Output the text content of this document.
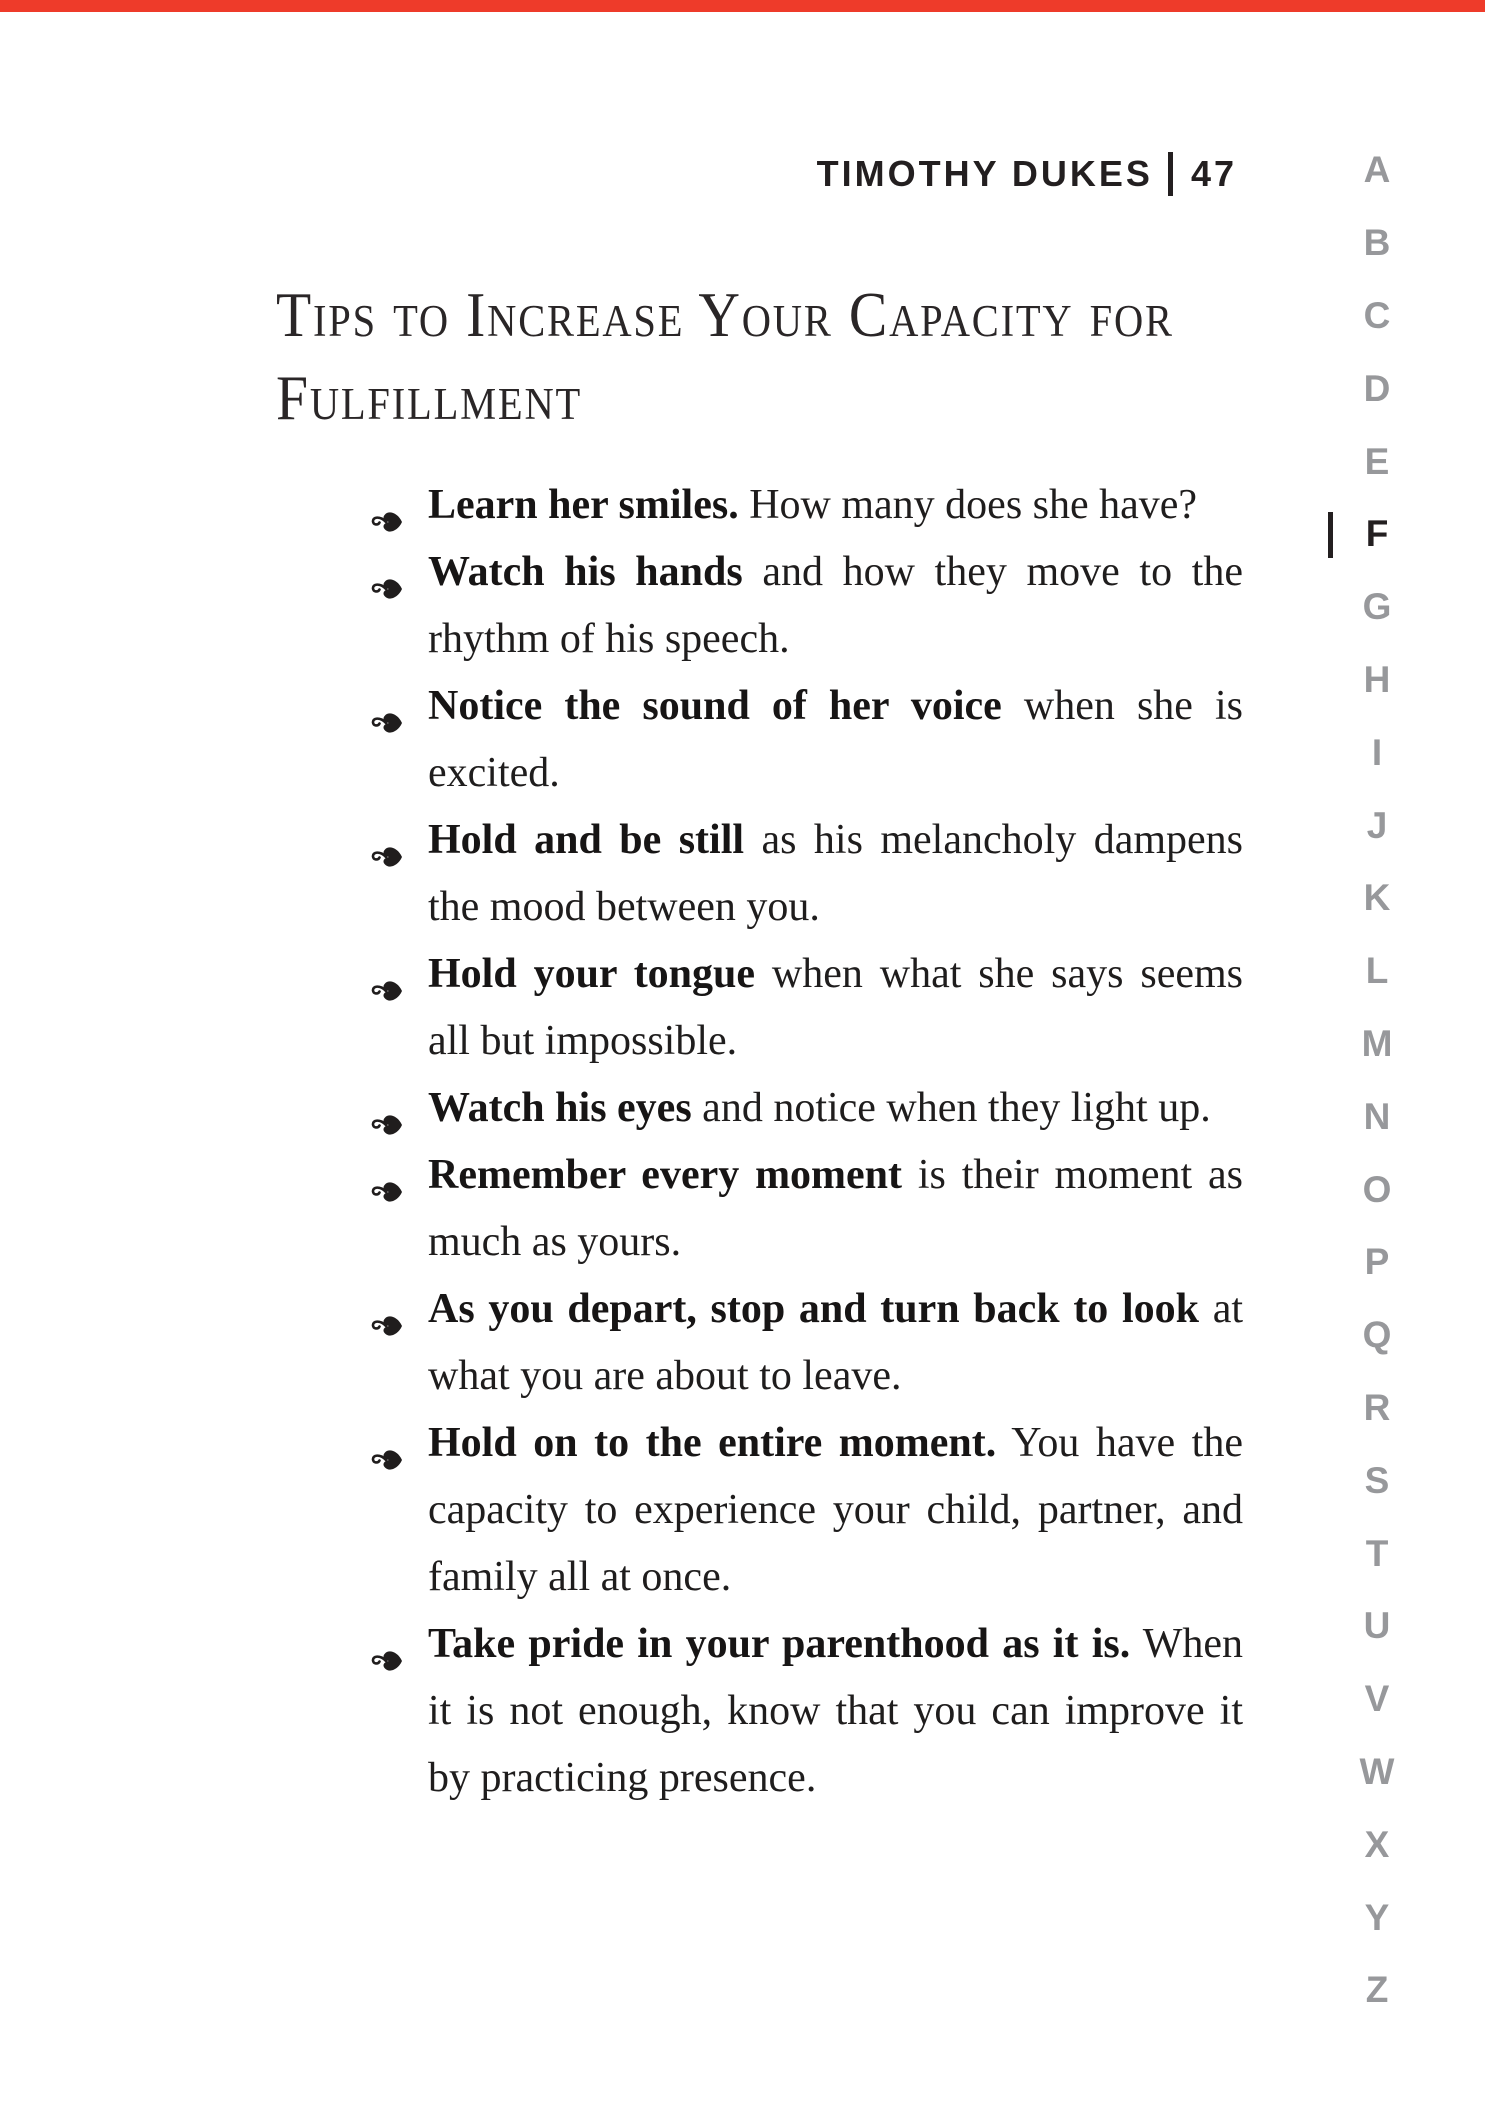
TIMOTHY DUKES 47	A
B
C
D
E
F
G
H
I
J
K
L
M
N
O
P
Q
R
S
T
U
V
W
X
Y
Z
Tips to Increase Your Capacity for
Fulfillment
Learn her smiles. How many does she have?
Watch his hands and how they move to the rhythm of his speech.
Notice the sound of her voice when she is excited.
Hold and be still as his melancholy dampens the mood between you.
Hold your tongue when what she says seems all but impossible.
Watch his eyes and notice when they light up.
Remember every moment is their moment as much as yours.
As you depart, stop and turn back to look at what you are about to leave.
Hold on to the entire moment. You have the capacity to experience your child, partner, and family all at once.
Take pride in your parenthood as it is. When it is not enough, know that you can improve it by practicing presence.
